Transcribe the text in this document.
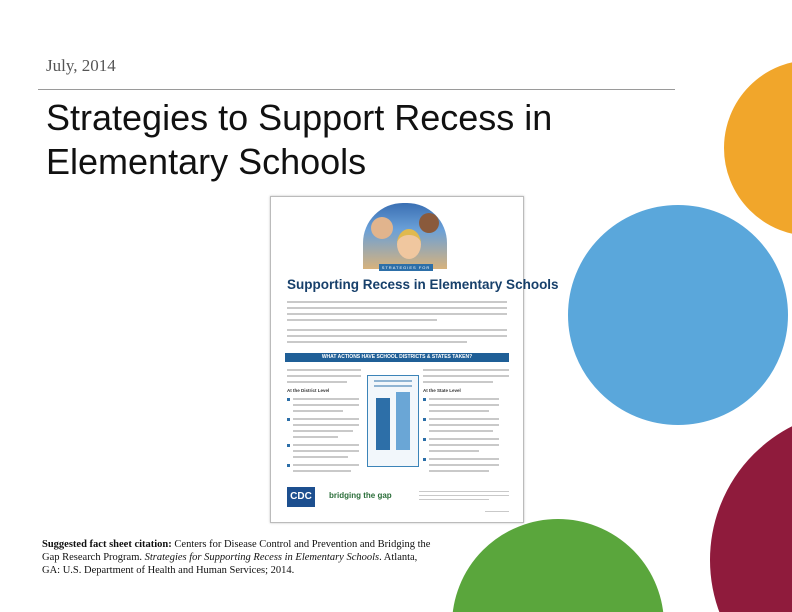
July, 2014
Strategies to Support Recess in
Elementary Schools
STRATEGIES FOR
Supporting Recess in Elementary Schools
WHAT ACTIONS HAVE SCHOOL DISTRICTS & STATES TAKEN?
At the District Level	At the State Level
CDC	bridging the gap
Suggested fact sheet citation: Centers for Disease Control and Prevention and Bridging the Gap Research Program. Strategies for Supporting Recess in Elementary Schools. Atlanta, GA: U.S. Department of Health and Human Services; 2014.
